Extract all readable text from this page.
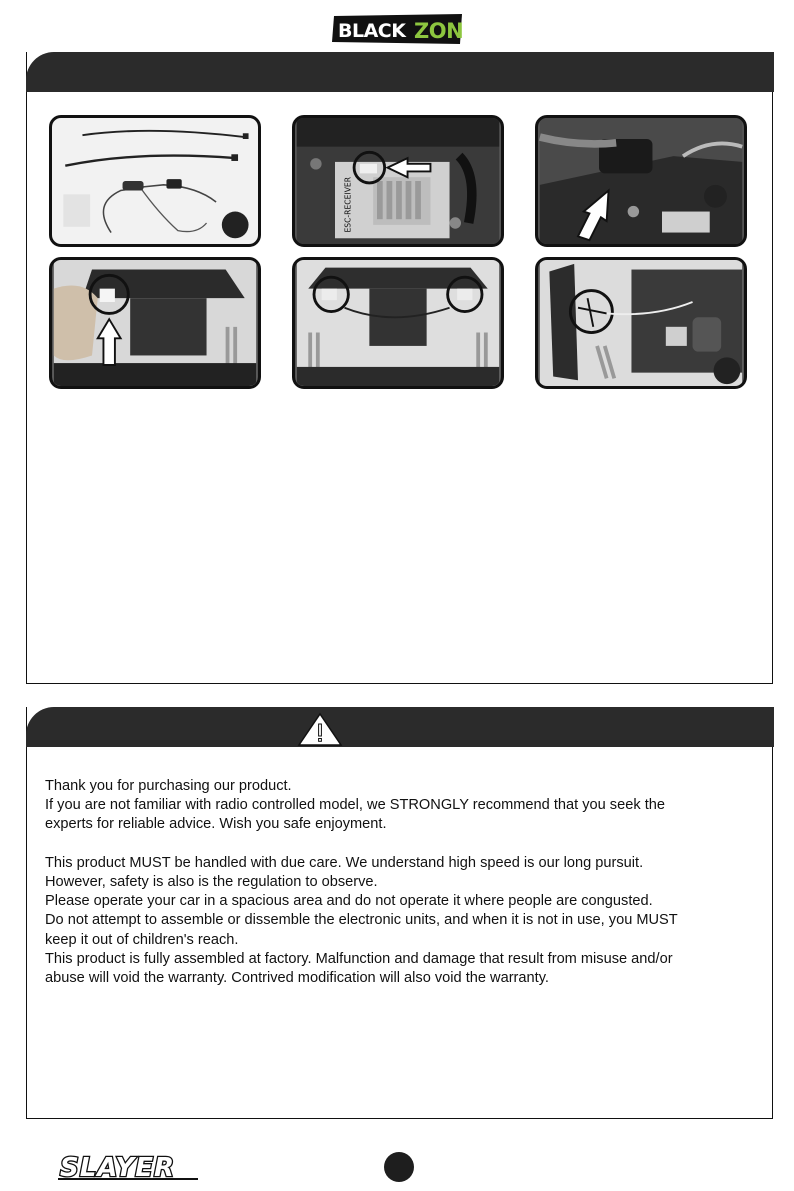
BLACK ZON
ESC-RECEIVER

Thank you for purchasing our product.

If you are not familiar with radio controlled model, we STRONGLY recommend that you seek the

experts for reliable advice. Wish you safe enjoyment.

This product MUST be handled with due care. We understand high speed is our long pursuit.

However, safety is also is the regulation to observe.

Please operate your car in a spacious area and do not operate it where people are congusted.

Do not attempt to assemble or dissemble the electronic units, and when it is not in use, you MUST

keep it out of children's reach.

This product is fully assembled at factory. Malfunction and damage that result from misuse and/or

abuse will void the warranty. Contrived modification will also void the warranty.

SLAYER
